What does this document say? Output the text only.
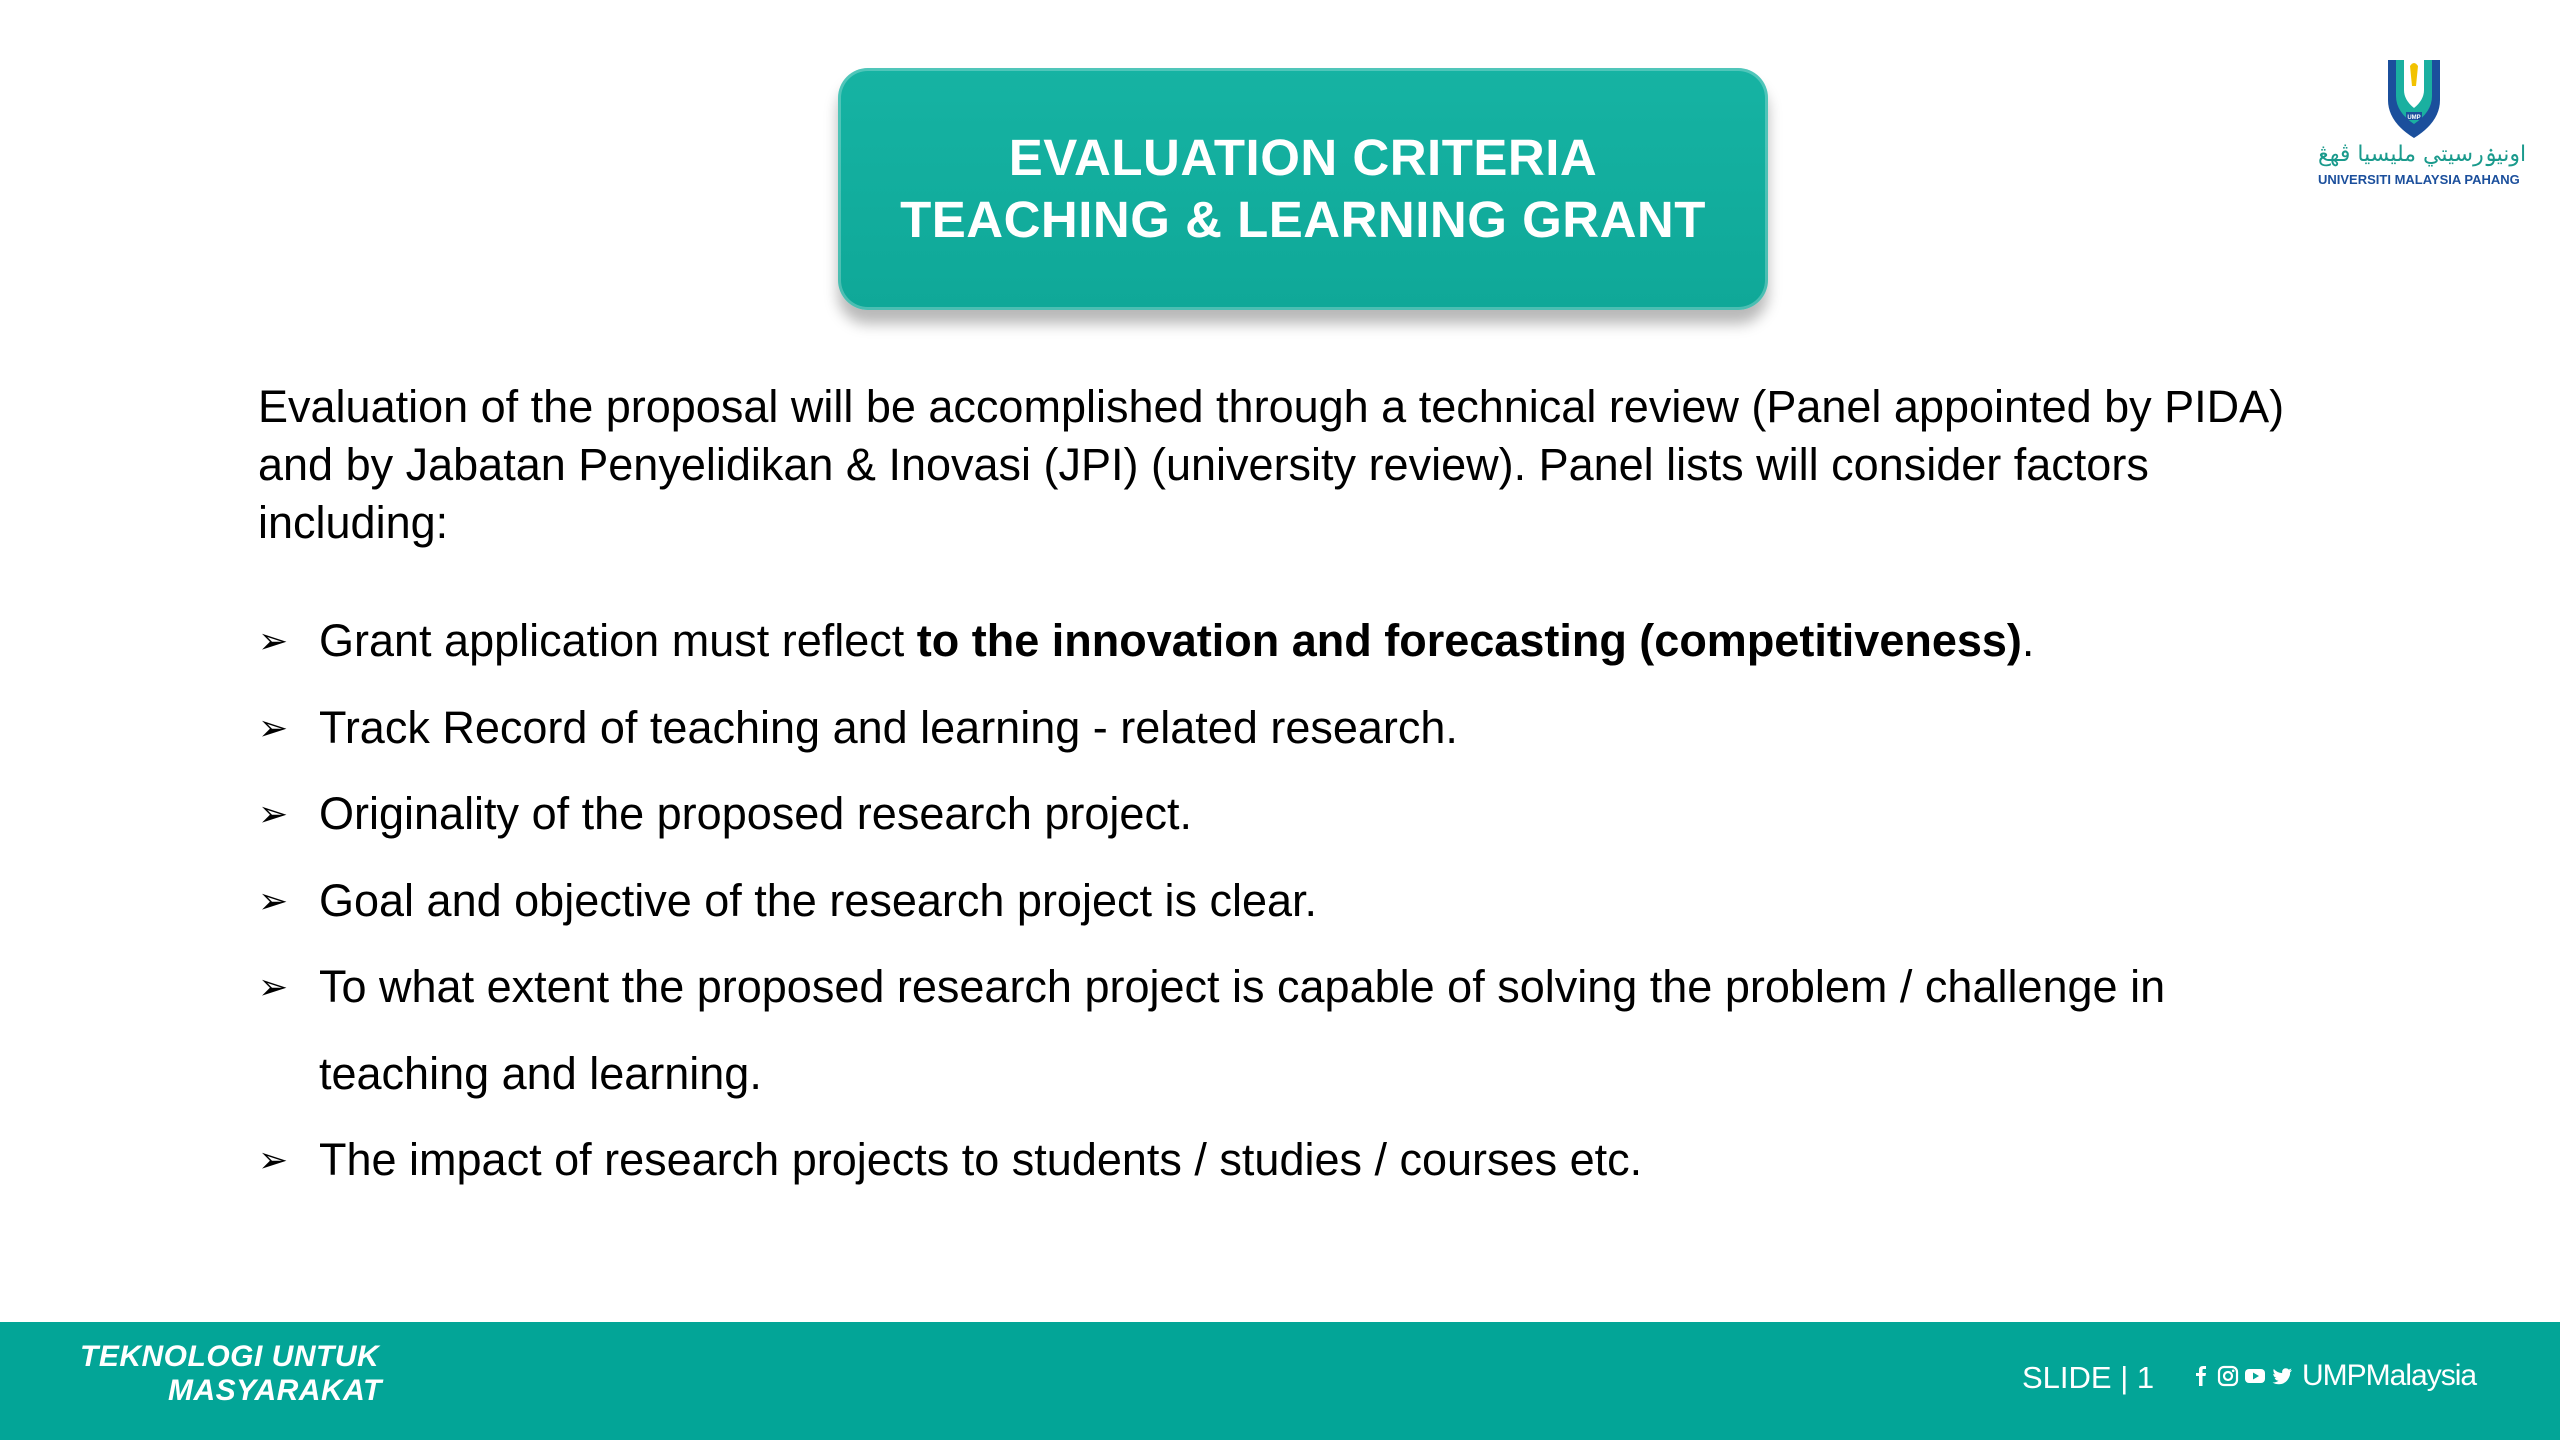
EVALUATION CRITERIA
TEACHING & LEARNING GRANT
UMP
اونيۏرسيتي مليسيا ڤهڠ
UNIVERSITI MALAYSIA PAHANG
Evaluation of the proposal will be accomplished through a technical review (Panel appointed by PIDA) and by Jabatan Penyelidikan & Inovasi (JPI) (university review). Panel lists will consider factors including:
➢ Grant application must reflect to the innovation and forecasting (competitiveness).
➢ Track Record of teaching and learning - related research.
➢ Originality of the proposed research project.
➢ Goal and objective of the research project is clear.
➢ To what extent the proposed research project is capable of solving the problem / challenge in teaching and learning.
➢ The impact of research projects to students / studies / courses etc.
TEKNOLOGI UNTUK
MASYARAKAT	SLIDE | 1	UMPMalaysia
